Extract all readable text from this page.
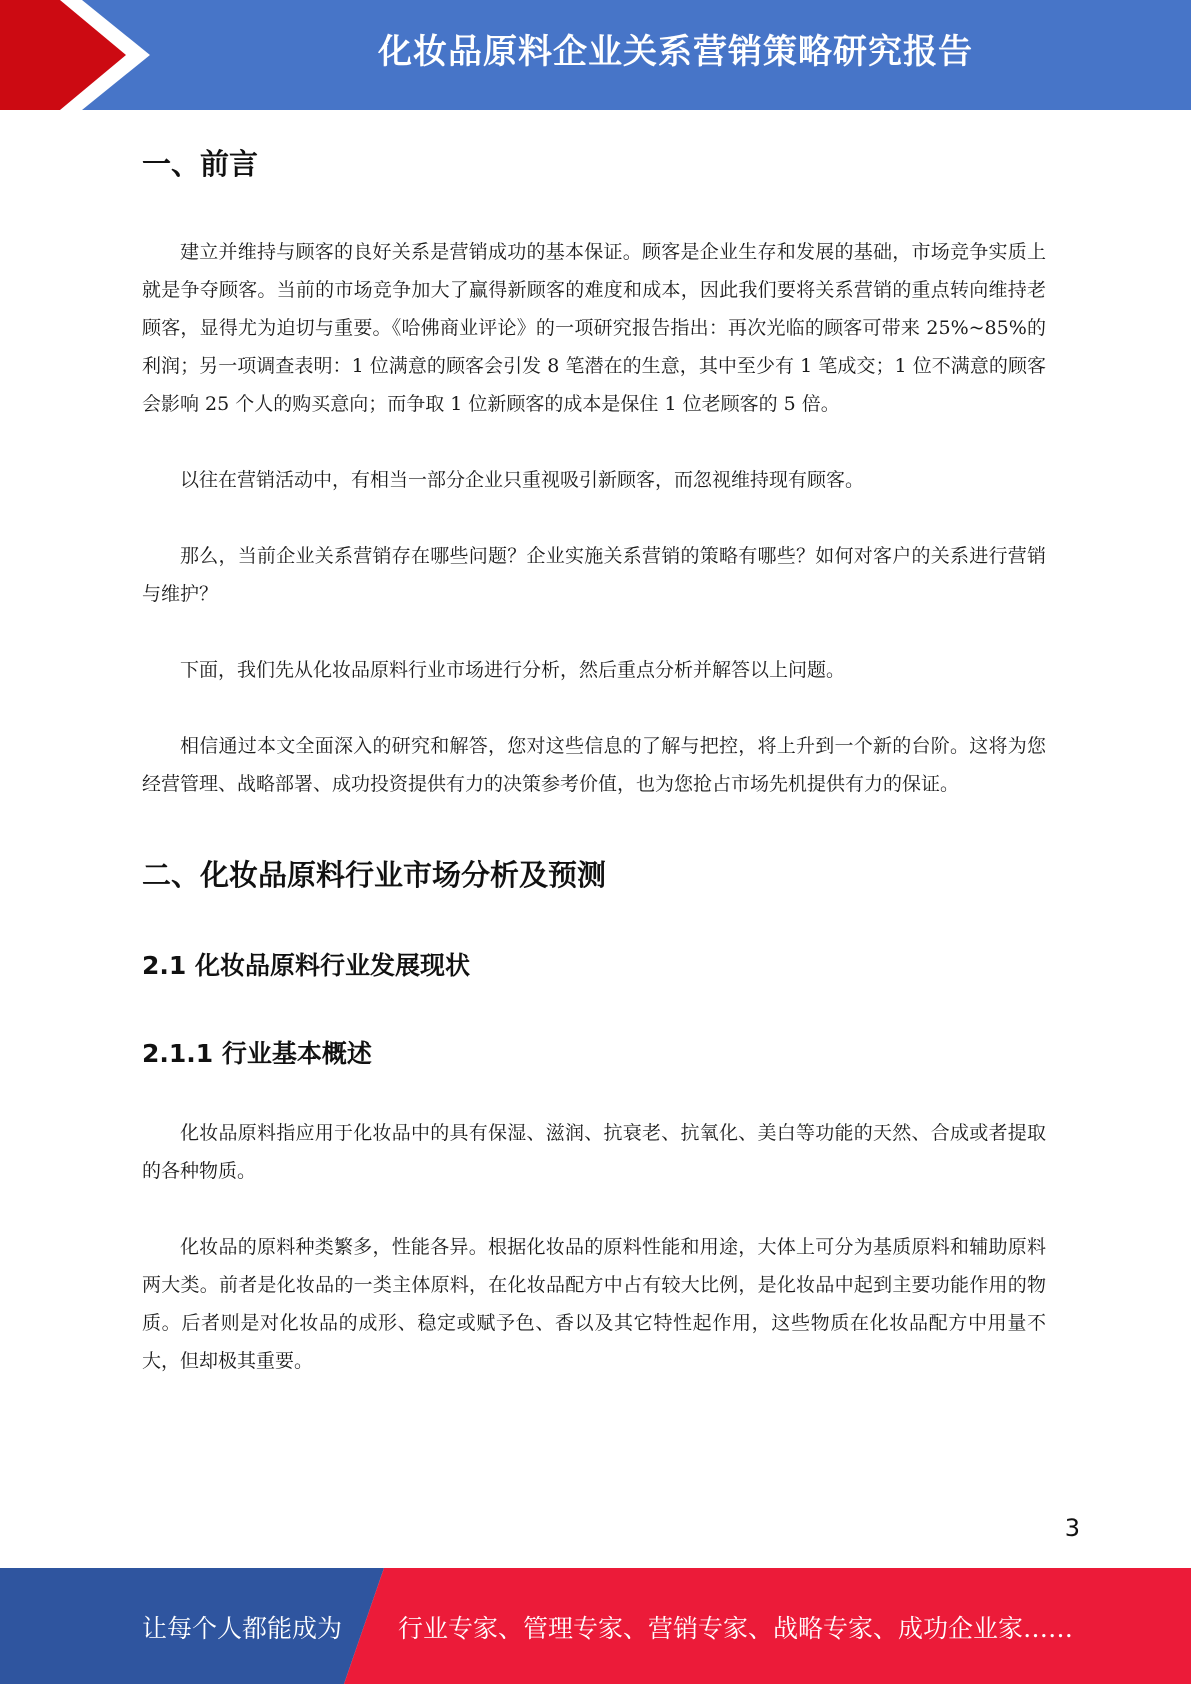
化妆品原料企业关系营销策略研究报告
一、前言

建立并维持与顾客的良好关系是营销成功的基本保证。顾客是企业生存和发展的基础，市场竞争实质上就是争夺顾客。当前的市场竞争加大了赢得新顾客的难度和成本，因此我们要将关系营销的重点转向维持老顾客，显得尤为迫切与重要。《哈佛商业评论》的一项研究报告指出：再次光临的顾客可带来 25%~85%的利润；另一项调查表明：1 位满意的顾客会引发 8 笔潜在的生意，其中至少有 1 笔成交；1 位不满意的顾客会影响 25 个人的购买意向；而争取 1 位新顾客的成本是保住 1 位老顾客的 5 倍。

以往在营销活动中，有相当一部分企业只重视吸引新顾客，而忽视维持现有顾客。

那么，当前企业关系营销存在哪些问题？企业实施关系营销的策略有哪些？如何对客户的关系进行营销与维护？

下面，我们先从化妆品原料行业市场进行分析，然后重点分析并解答以上问题。

相信通过本文全面深入的研究和解答，您对这些信息的了解与把控，将上升到一个新的台阶。这将为您经营管理、战略部署、成功投资提供有力的决策参考价值，也为您抢占市场先机提供有力的保证。

二、化妆品原料行业市场分析及预测
2.1 化妆品原料行业发展现状
2.1.1 行业基本概述

化妆品原料指应用于化妆品中的具有保湿、滋润、抗衰老、抗氧化、美白等功能的天然、合成或者提取的各种物质。

化妆品的原料种类繁多，性能各异。根据化妆品的原料性能和用途，大体上可分为基质原料和辅助原料两大类。前者是化妆品的一类主体原料，在化妆品配方中占有较大比例，是化妆品中起到主要功能作用的物质。后者则是对化妆品的成形、稳定或赋予色、香以及其它特性起作用，这些物质在化妆品配方中用量不大，但却极其重要。

3
让每个人都能成为 行业专家、管理专家、营销专家、战略专家、成功企业家……
